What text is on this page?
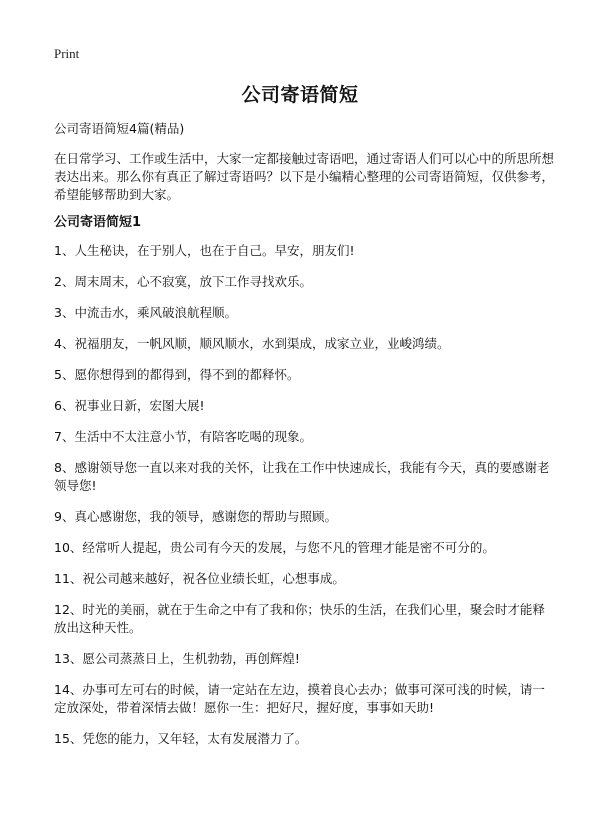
Print
公司寄语简短

公司寄语简短4篇(精品)

在日常学习、工作或生活中，大家一定都接触过寄语吧，通过寄语人们可以心中的所思所想表达出来。那么你有真正了解过寄语吗？以下是小编精心整理的公司寄语简短，仅供参考，希望能够帮助到大家。

公司寄语简短1

1、人生秘诀，在于别人，也在于自己。早安，朋友们!

2、周末周末，心不寂寞，放下工作寻找欢乐。

3、中流击水，乘风破浪航程顺。

4、祝福朋友，一帆风顺，顺风顺水，水到渠成，成家立业，业峻鸿绩。

5、愿你想得到的都得到，得不到的都释怀。

6、祝事业日新，宏图大展!

7、生活中不太注意小节，有陪客吃喝的现象。

8、感谢领导您一直以来对我的关怀，让我在工作中快速成长，我能有今天，真的要感谢老领导您!

9、真心感谢您，我的领导，感谢您的帮助与照顾。

10、经常听人提起，贵公司有今天的发展，与您不凡的管理才能是密不可分的。

11、祝公司越来越好，祝各位业绩长虹，心想事成。

12、时光的美丽，就在于生命之中有了我和你；快乐的生活，在我们心里，聚会时才能释放出这种天性。

13、愿公司蒸蒸日上，生机勃勃，再创辉煌!

14、办事可左可右的时候，请一定站在左边，摸着良心去办；做事可深可浅的时候，请一定放深处，带着深情去做！愿你一生：把好尺，握好度，事事如天助!

15、凭您的能力，又年轻，太有发展潜力了。
